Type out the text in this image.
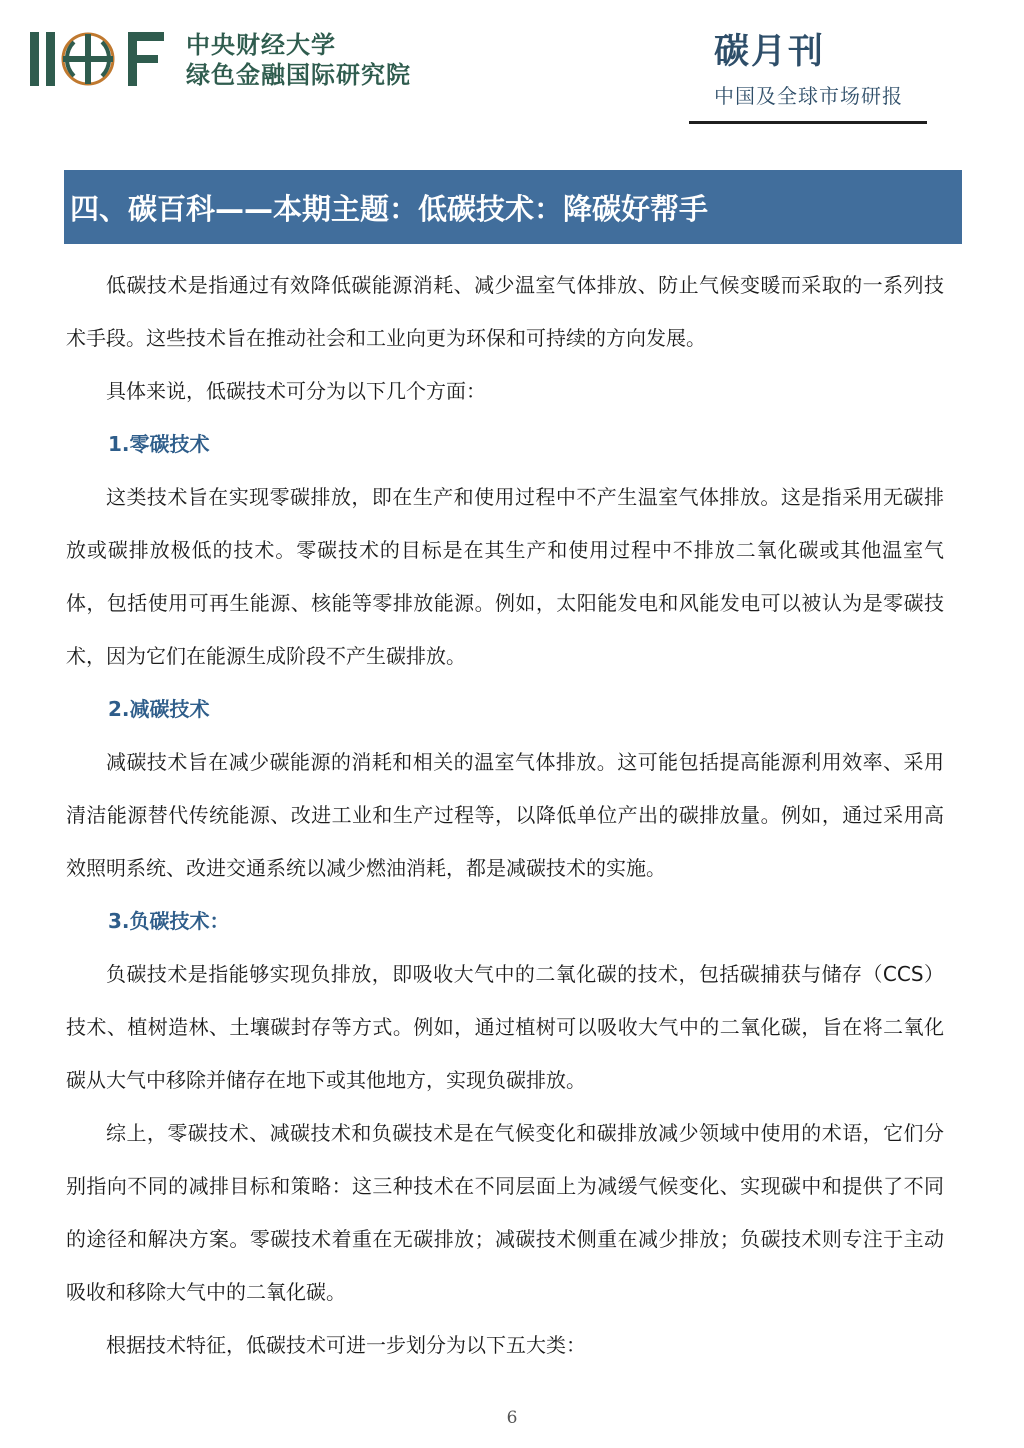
中央财经大学
绿色金融国际研究院
碳月刊
中国及全球市场研报
四、碳百科——本期主题：低碳技术：降碳好帮手

低碳技术是指通过有效降低碳能源消耗、减少温室气体排放、防止气候变暖而采取的一系列技术手段。这些技术旨在推动社会和工业向更为环保和可持续的方向发展。

具体来说，低碳技术可分为以下几个方面：

1.零碳技术

这类技术旨在实现零碳排放，即在生产和使用过程中不产生温室气体排放。这是指采用无碳排放或碳排放极低的技术。零碳技术的目标是在其生产和使用过程中不排放二氧化碳或其他温室气体，包括使用可再生能源、核能等零排放能源。例如，太阳能发电和风能发电可以被认为是零碳技术，因为它们在能源生成阶段不产生碳排放。

2.减碳技术

减碳技术旨在减少碳能源的消耗和相关的温室气体排放。这可能包括提高能源利用效率、采用清洁能源替代传统能源、改进工业和生产过程等，以降低单位产出的碳排放量。例如，通过采用高效照明系统、改进交通系统以减少燃油消耗，都是减碳技术的实施。

3.负碳技术：

负碳技术是指能够实现负排放，即吸收大气中的二氧化碳的技术，包括碳捕获与储存（CCS）技术、植树造林、土壤碳封存等方式。例如，通过植树可以吸收大气中的二氧化碳，旨在将二氧化碳从大气中移除并储存在地下或其他地方，实现负碳排放。

综上，零碳技术、减碳技术和负碳技术是在气候变化和碳排放减少领域中使用的术语，它们分别指向不同的减排目标和策略：这三种技术在不同层面上为减缓气候变化、实现碳中和提供了不同的途径和解决方案。零碳技术着重在无碳排放；减碳技术侧重在减少排放；负碳技术则专注于主动吸收和移除大气中的二氧化碳。

根据技术特征，低碳技术可进一步划分为以下五大类：

6
